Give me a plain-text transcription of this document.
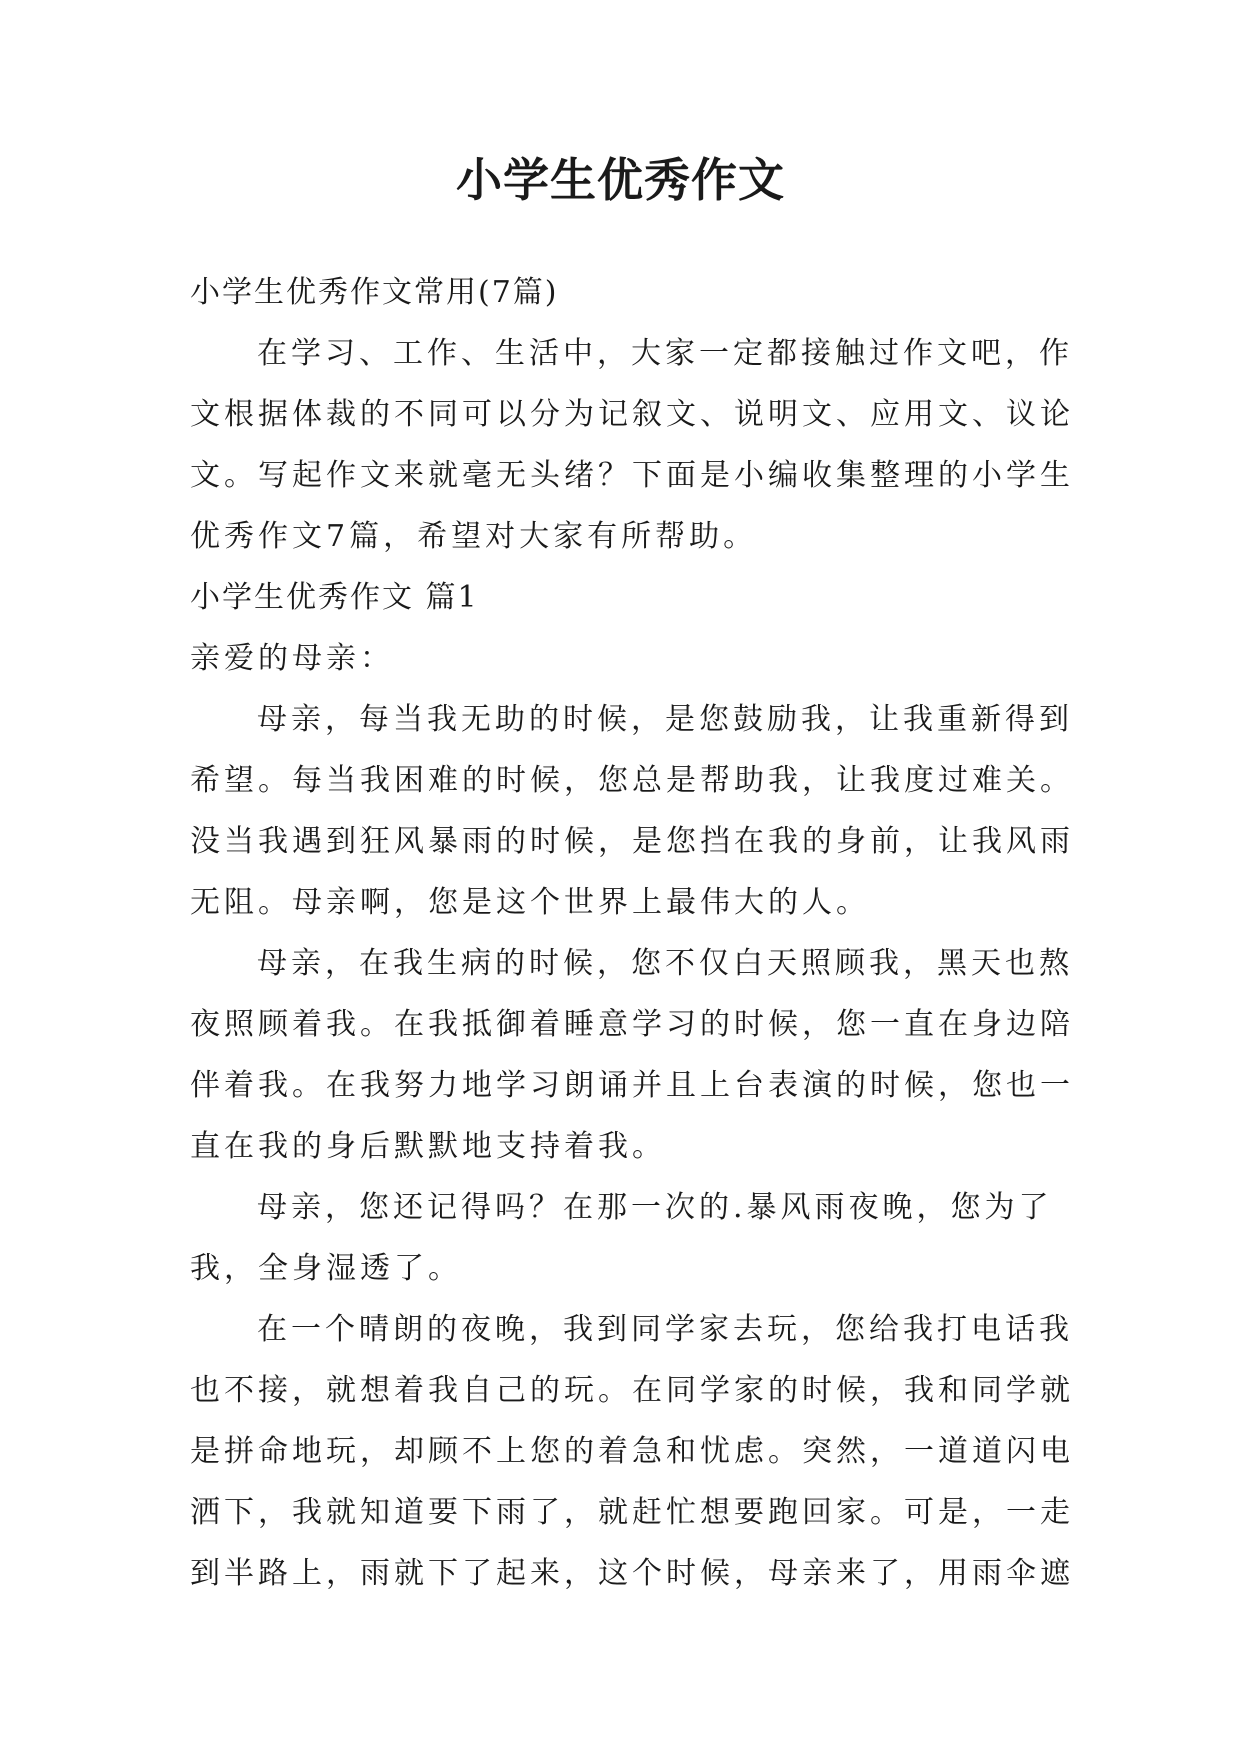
小学生优秀作文

小学生优秀作文常用(7篇)

在学习、工作、生活中，大家一定都接触过作文吧，作

文根据体裁的不同可以分为记叙文、说明文、应用文、议论

文。写起作文来就毫无头绪？下面是小编收集整理的小学生

优秀作文7篇，希望对大家有所帮助。

小学生优秀作文 篇1

亲爱的母亲：

母亲，每当我无助的时候，是您鼓励我，让我重新得到

希望。每当我困难的时候，您总是帮助我，让我度过难关。

没当我遇到狂风暴雨的时候，是您挡在我的身前，让我风雨

无阻。母亲啊，您是这个世界上最伟大的人。

母亲，在我生病的时候，您不仅白天照顾我，黑天也熬

夜照顾着我。在我抵御着睡意学习的时候，您一直在身边陪

伴着我。在我努力地学习朗诵并且上台表演的时候，您也一

直在我的身后默默地支持着我。

母亲，您还记得吗？在那一次的.暴风雨夜晚，您为了

我，全身湿透了。

在一个晴朗的夜晚，我到同学家去玩，您给我打电话我

也不接，就想着我自己的玩。在同学家的时候，我和同学就

是拼命地玩，却顾不上您的着急和忧虑。突然，一道道闪电

洒下，我就知道要下雨了，就赶忙想要跑回家。可是，一走

到半路上，雨就下了起来，这个时候，母亲来了，用雨伞遮
